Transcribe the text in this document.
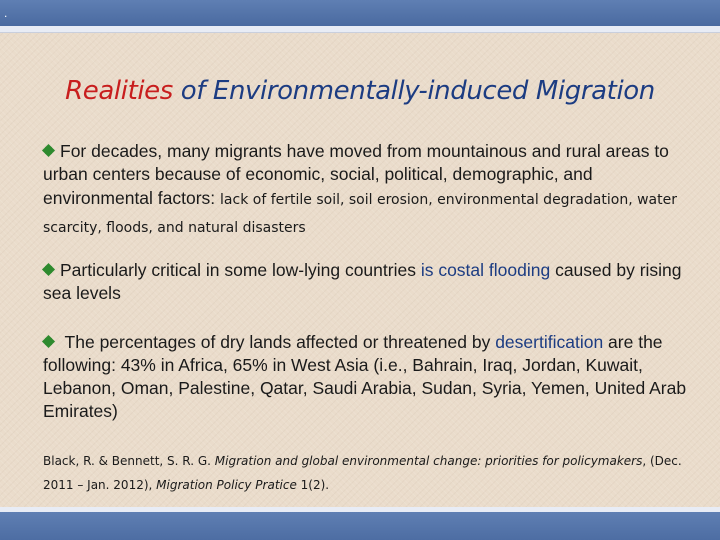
.
Realities of Environmentally-induced Migration
For decades, many migrants have moved from mountainous and rural areas to urban centers because of economic, social, political, demographic, and environmental factors: lack of fertile soil, soil erosion, environmental degradation, water scarcity, floods, and natural disasters
Particularly critical in some low-lying countries is costal flooding caused by rising sea levels
The percentages of dry lands affected or threatened by desertification are the following: 43% in Africa, 65% in West Asia (i.e., Bahrain, Iraq, Jordan, Kuwait, Lebanon, Oman, Palestine, Qatar, Saudi Arabia, Sudan, Syria, Yemen, United Arab Emirates)
Black, R. & Bennett, S. R. G. Migration and global environmental change: priorities for policymakers, (Dec. 2011 – Jan. 2012), Migration Policy Pratice 1(2).
